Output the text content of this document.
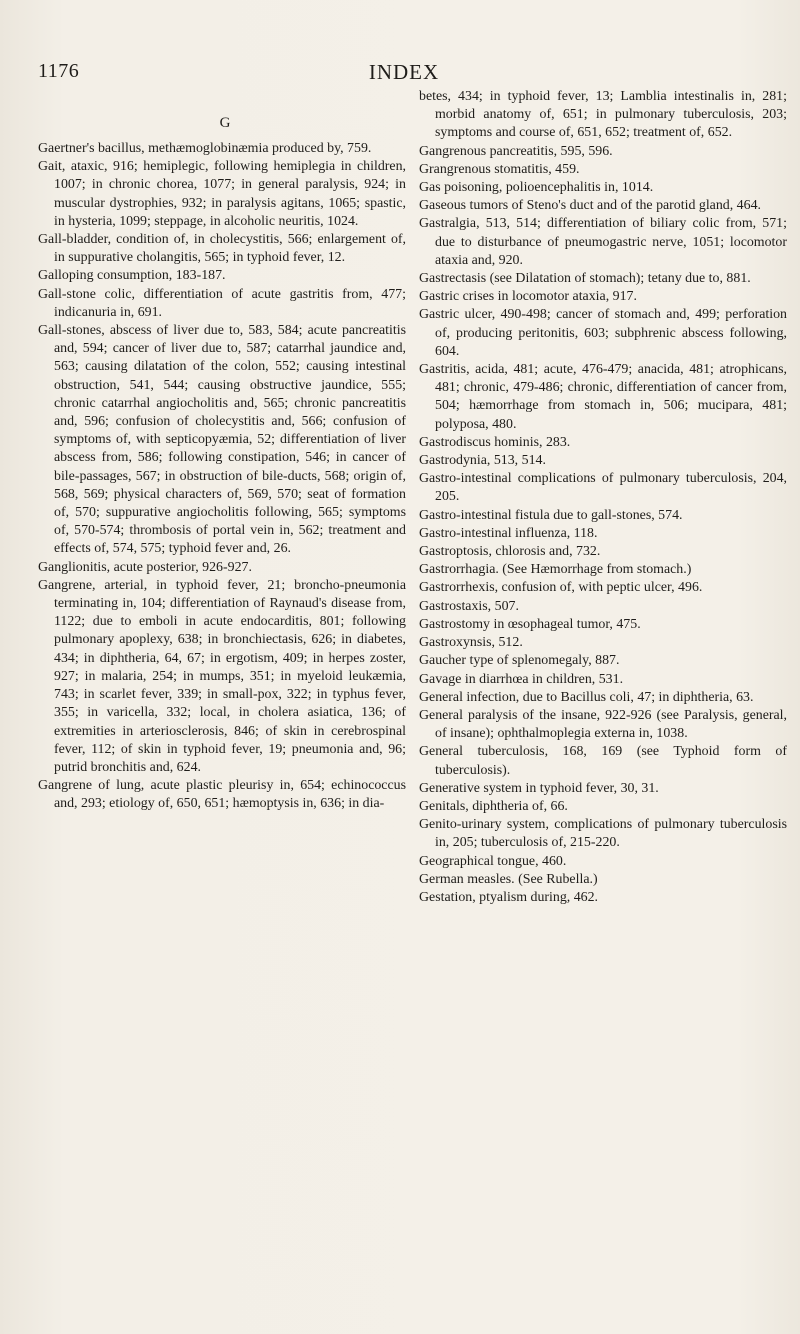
1176	INDEX
G

Gaertner's bacillus, methæmoglobinæmia produced by, 759.

Gait, ataxic, 916; hemiplegic, following hemiplegia in children, 1007; in chronic chorea, 1077; in general paralysis, 924; in muscular dystrophies, 932; in paralysis agitans, 1065; spastic, in hysteria, 1099; steppage, in alcoholic neuritis, 1024.

Gall-bladder, condition of, in cholecystitis, 566; enlargement of, in suppurative cholangitis, 565; in typhoid fever, 12.

Galloping consumption, 183-187.

Gall-stone colic, differentiation of acute gastritis from, 477; indicanuria in, 691.

Gall-stones, abscess of liver due to, 583, 584; acute pancreatitis and, 594; cancer of liver due to, 587; catarrhal jaundice and, 563; causing dilatation of the colon, 552; causing intestinal obstruction, 541, 544; causing obstructive jaundice, 555; chronic catarrhal angiocholitis and, 565; chronic pancreatitis and, 596; confusion of cholecystitis and, 566; confusion of symptoms of, with septicopyæmia, 52; differentiation of liver abscess from, 586; following constipation, 546; in cancer of bile-passages, 567; in obstruction of bile-ducts, 568; origin of, 568, 569; physical characters of, 569, 570; seat of formation of, 570; suppurative angiocholitis following, 565; symptoms of, 570-574; thrombosis of portal vein in, 562; treatment and effects of, 574, 575; typhoid fever and, 26.

Ganglionitis, acute posterior, 926-927.

Gangrene, arterial, in typhoid fever, 21; broncho-pneumonia terminating in, 104; differentiation of Raynaud's disease from, 1122; due to emboli in acute endocarditis, 801; following pulmonary apoplexy, 638; in bronchiectasis, 626; in diabetes, 434; in diphtheria, 64, 67; in ergotism, 409; in herpes zoster, 927; in malaria, 254; in mumps, 351; in myeloid leukæmia, 743; in scarlet fever, 339; in small-pox, 322; in typhus fever, 355; in varicella, 332; local, in cholera asiatica, 136; of extremities in arteriosclerosis, 846; of skin in cerebrospinal fever, 112; of skin in typhoid fever, 19; pneumonia and, 96; putrid bronchitis and, 624.

Gangrene of lung, acute plastic pleurisy in, 654; echinococcus and, 293; etiology of, 650, 651; hæmoptysis in, 636; in dia-

betes, 434; in typhoid fever, 13; Lamblia intestinalis in, 281; morbid anatomy of, 651; in pulmonary tuberculosis, 203; symptoms and course of, 651, 652; treatment of, 652.

Gangrenous pancreatitis, 595, 596.

Grangrenous stomatitis, 459.

Gas poisoning, polioencephalitis in, 1014.

Gaseous tumors of Steno's duct and of the parotid gland, 464.

Gastralgia, 513, 514; differentiation of biliary colic from, 571; due to disturbance of pneumogastric nerve, 1051; locomotor ataxia and, 920.

Gastrectasis (see Dilatation of stomach); tetany due to, 881.

Gastric crises in locomotor ataxia, 917.

Gastric ulcer, 490-498; cancer of stomach and, 499; perforation of, producing peritonitis, 603; subphrenic abscess following, 604.

Gastritis, acida, 481; acute, 476-479; anacida, 481; atrophicans, 481; chronic, 479-486; chronic, differentiation of cancer from, 504; hæmorrhage from stomach in, 506; mucipara, 481; polyposa, 480.

Gastrodiscus hominis, 283.

Gastrodynia, 513, 514.

Gastro-intestinal complications of pulmonary tuberculosis, 204, 205.

Gastro-intestinal fistula due to gall-stones, 574.

Gastro-intestinal influenza, 118.

Gastroptosis, chlorosis and, 732.

Gastrorrhagia. (See Hæmorrhage from stomach.)

Gastrorrhexis, confusion of, with peptic ulcer, 496.

Gastrostaxis, 507.

Gastrostomy in œsophageal tumor, 475.

Gastroxynsis, 512.

Gaucher type of splenomegaly, 887.

Gavage in diarrhœa in children, 531.

General infection, due to Bacillus coli, 47; in diphtheria, 63.

General paralysis of the insane, 922-926 (see Paralysis, general, of insane); ophthalmoplegia externa in, 1038.

General tuberculosis, 168, 169 (see Typhoid form of tuberculosis).

Generative system in typhoid fever, 30, 31.

Genitals, diphtheria of, 66.

Genito-urinary system, complications of pulmonary tuberculosis in, 205; tuberculosis of, 215-220.

Geographical tongue, 460.

German measles. (See Rubella.)

Gestation, ptyalism during, 462.
